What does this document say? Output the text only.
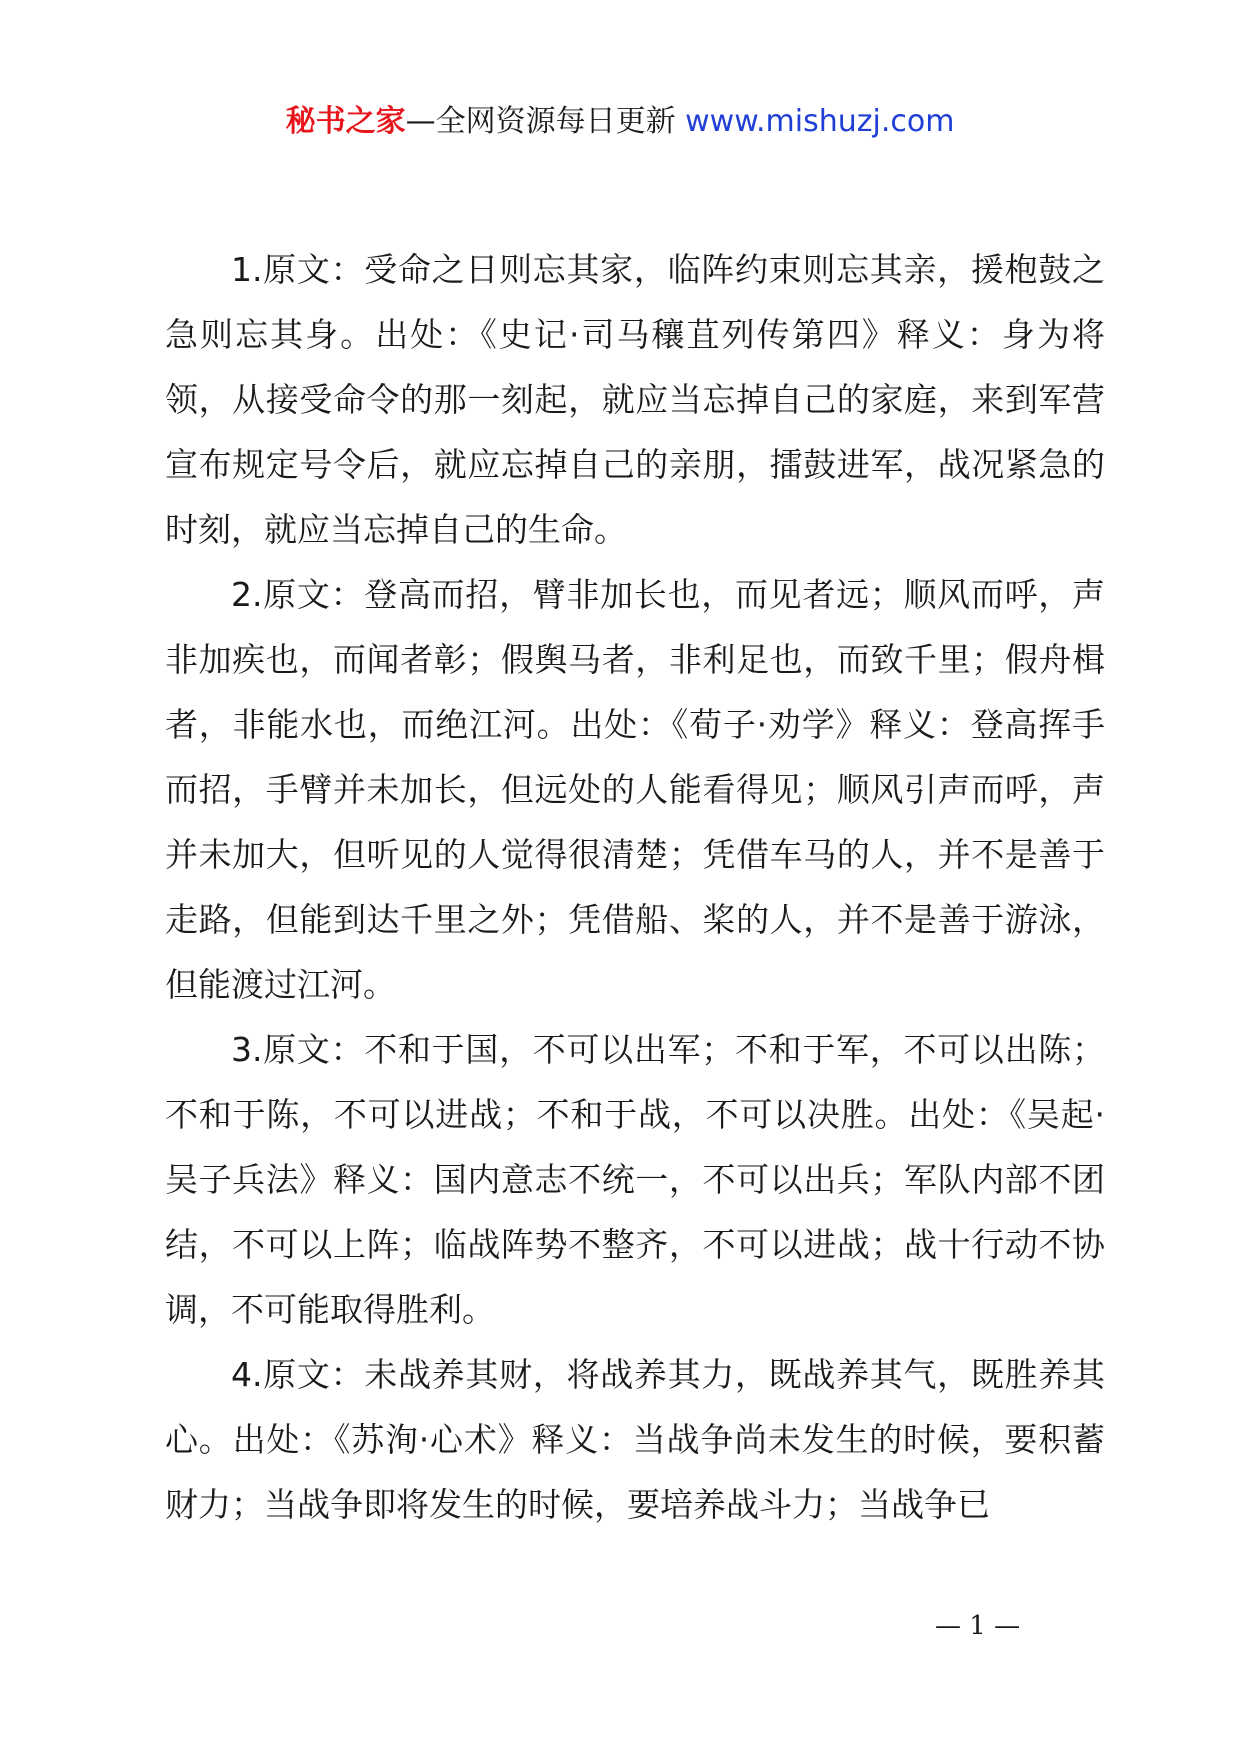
秘书之家—全网资源每日更新 www.mishuzj.com

1.原文：受命之日则忘其家，临阵约束则忘其亲，援枹鼓之急则忘其身。出处：《史记·司马穰苴列传第四》释义：身为将领，从接受命令的那一刻起，就应当忘掉自己的家庭，来到军营宣布规定号令后，就应忘掉自己的亲朋，擂鼓进军，战况紧急的时刻，就应当忘掉自己的生命。

2.原文：登高而招，臂非加长也，而见者远；顺风而呼，声非加疾也，而闻者彰；假舆马者，非利足也，而致千里；假舟楫者，非能水也，而绝江河。出处：《荀子·劝学》释义：登高挥手而招，手臂并未加长，但远处的人能看得见；顺风引声而呼，声并未加大，但听见的人觉得很清楚；凭借车马的人，并不是善于走路，但能到达千里之外；凭借船、桨的人，并不是善于游泳，但能渡过江河。

3.原文：不和于国，不可以出军；不和于军，不可以出陈；不和于陈，不可以进战；不和于战，不可以决胜。出处：《吴起·吴子兵法》释义：国内意志不统一，不可以出兵；军队内部不团结，不可以上阵；临战阵势不整齐，不可以进战；战十行动不协调，不可能取得胜利。

4.原文：未战养其财，将战养其力，既战养其气，既胜养其心。出处：《苏洵·心术》释义：当战争尚未发生的时候，要积蓄财力；当战争即将发生的时候，要培养战斗力；当战争已

— 1 —
